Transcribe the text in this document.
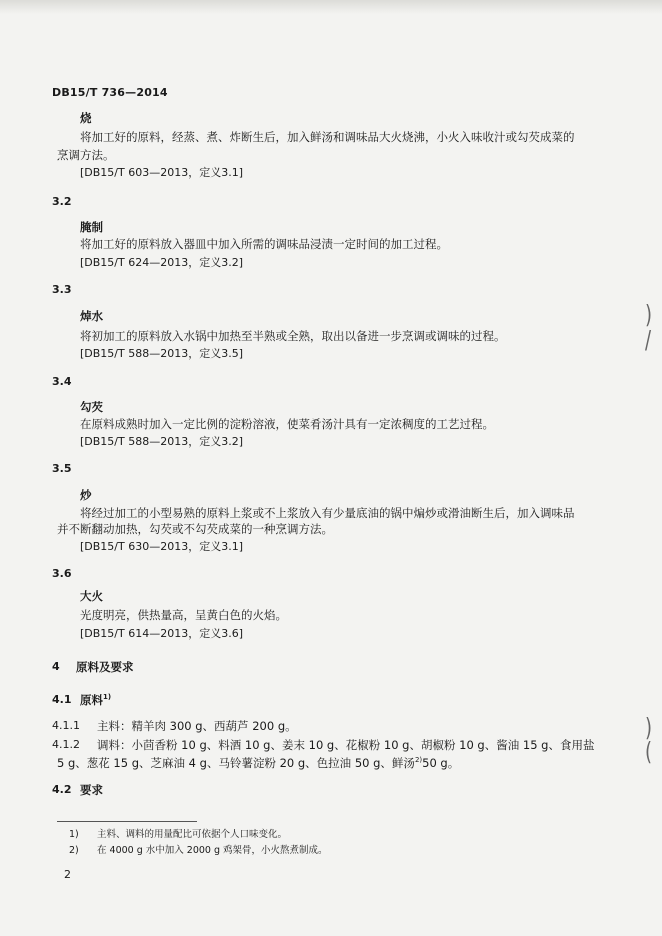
DB15/T 736—2014
烧
将加工好的原料，经蒸、煮、炸断生后，加入鲜汤和调味品大火烧沸，小火入味收汁或勾芡成菜的
烹调方法。
[DB15/T 603—2013，定义3.1]
3.2
腌制
将加工好的原料放入器皿中加入所需的调味品浸渍一定时间的加工过程。
[DB15/T 624—2013，定义3.2]
3.3
焯水
将初加工的原料放入水锅中加热至半熟或全熟，取出以备进一步烹调或调味的过程。
[DB15/T 588—2013，定义3.5]
3.4
勾芡
在原料成熟时加入一定比例的淀粉溶液，使菜肴汤汁具有一定浓稠度的工艺过程。
[DB15/T 588—2013，定义3.2]
3.5
炒
将经过加工的小型易熟的原料上浆或不上浆放入有少量底油的锅中煸炒或滑油断生后，加入调味品
并不断翻动加热，勾芡或不勾芡成菜的一种烹调方法。
[DB15/T 630—2013，定义3.1]
3.6
大火
光度明亮，供热量高，呈黄白色的火焰。
[DB15/T 614—2013，定义3.6]
4 原料及要求
4.1 原料$^{1)}$
4.1.1 主料：精羊肉 300 g、西葫芦 200 g。
4.1.2 调料：小茴香粉 10 g、料酒 10 g、姜末 10 g、花椒粉 10 g、胡椒粉 10 g、酱油 15 g、食用盐
5 g、葱花 15 g、芝麻油 4 g、马铃薯淀粉 20 g、色拉油 50 g、鲜汤$^{2)}$50 g。
4.2 要求
1) 主料、调料的用量配比可依据个人口味变化。
2) 在 4000 g 水中加入 2000 g 鸡架骨，小火熬煮制成。
2
)
/
)
(
